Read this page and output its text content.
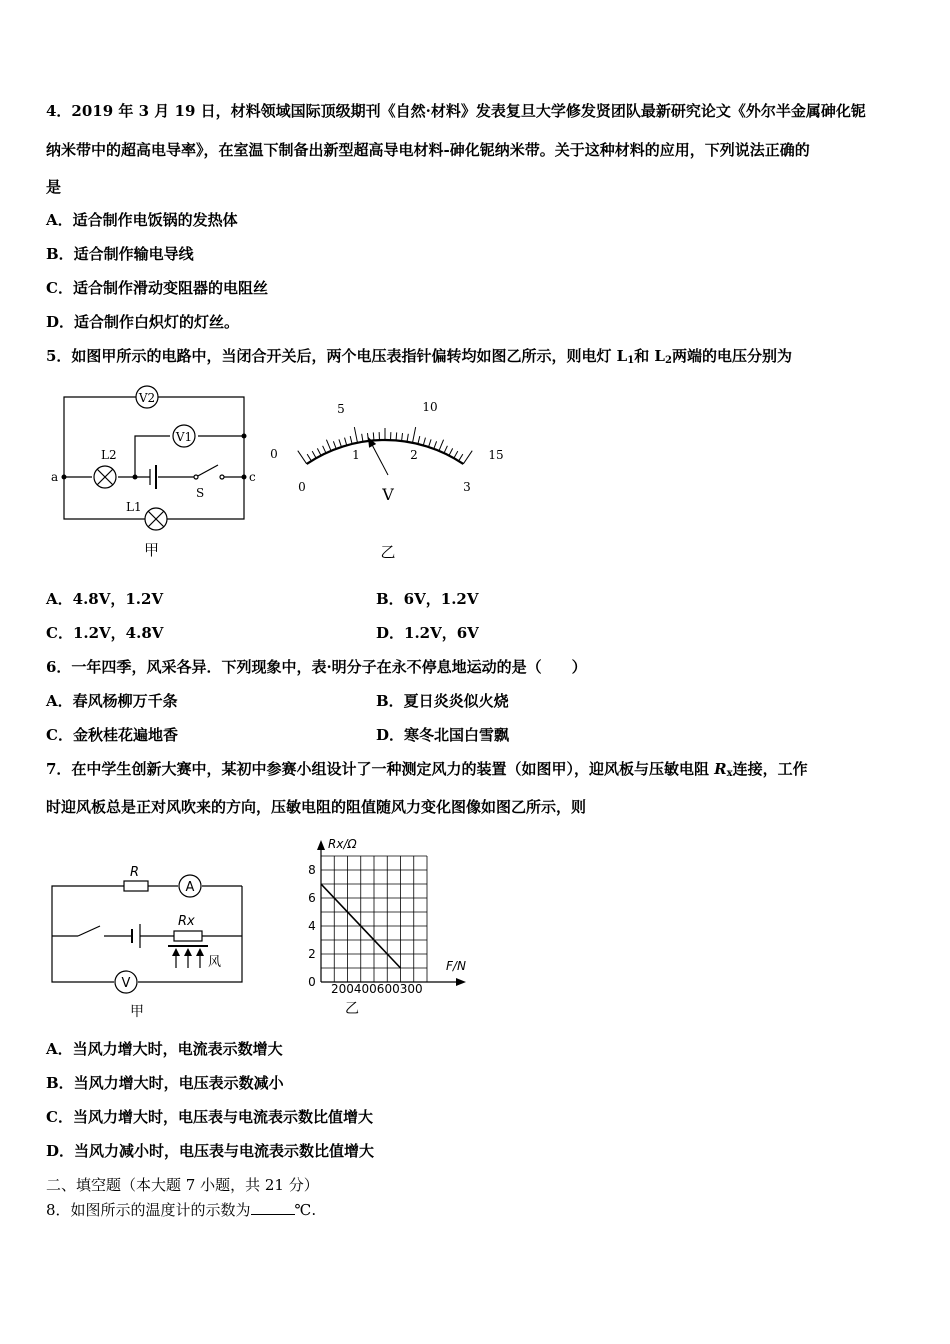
4．2019 年 3 月 19 日，材料领域国际顶级期刊《自然·材料》发表复旦大学修发贤团队最新研究论文《外尔半金属砷化铌
纳米带中的超高电导率》，在室温下制备出新型超高导电材料-砷化铌纳米带。关于这种材料的应用，下列说法正确的
是
A．适合制作电饭锅的发热体
B．适合制作输电导线
C．适合制作滑动变阻器的电阻丝
D．适合制作白炽灯的灯丝。
5．如图甲所示的电路中，当闭合开关后，两个电压表指针偏转均如图乙所示，则电灯 $L_1$和 $L_2$两端的电压分别为
V2
V1
L2
L1
a	c
S
甲
0
5	10
15
0
1	2
3
V
乙
A．4.8V，1.2V	B．6V，1.2V
C．1.2V，4.8V	D．1.2V，6V
6．一年四季，风采各异．下列现象中，表·明分子在永不停息地运动的是（　　）
A．春风杨柳万千条	B．夏日炎炎似火烧
C．金秋桂花遍地香	D．寒冬北国白雪飘
7．在中学生创新大赛中，某初中参赛小组设计了一种测定风力的装置（如图甲），迎风板与压敏电阻 $R_x$连接，工作
时迎风板总是正对风吹来的方向，压敏电阻的阻值随风力变化图像如图乙所示，则
R
A
Rx
风
V
甲
Rx/Ω
F/N
0
2
4
6
8
200400600300
乙
A．当风力增大时，电流表示数增大
B．当风力增大时，电压表示数减小
C．当风力增大时，电压表与电流表示数比值增大
D．当风力减小时，电压表与电流表示数比值增大
二、填空题（本大题 7 小题，共 21 分）
8．如图所示的温度计的示数为	℃.
